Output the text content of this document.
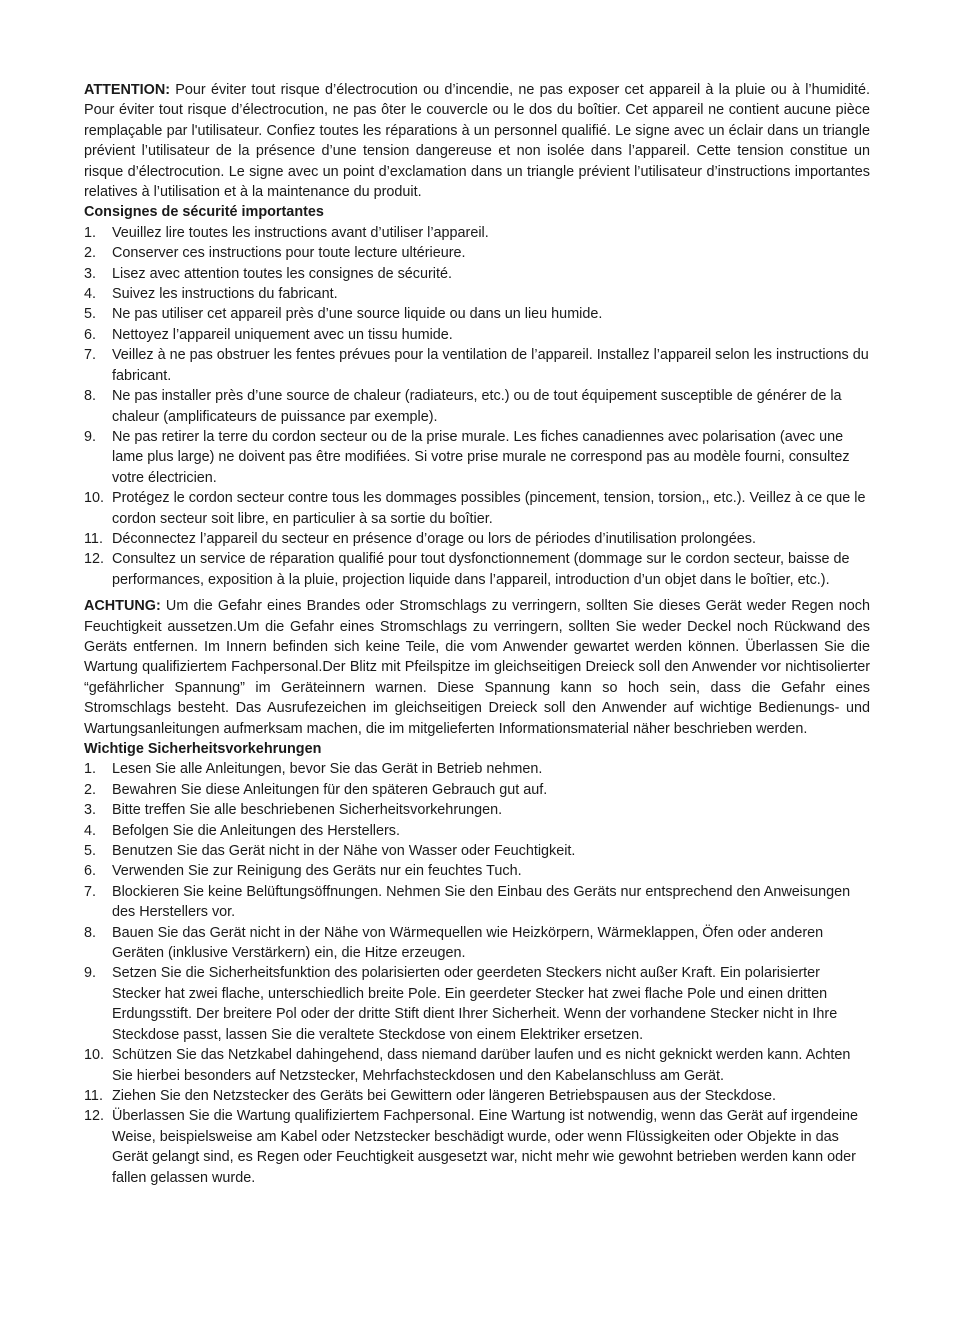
ATTENTION: Pour éviter tout risque d’électrocution ou d’incendie, ne pas exposer cet appareil à la pluie ou à l’humidité. Pour éviter tout risque d’électrocution, ne pas ôter le couvercle ou le dos du boîtier. Cet appareil ne contient aucune pièce remplaçable par l'utilisateur. Confiez toutes les réparations à un personnel qualifié. Le signe avec un éclair dans un triangle prévient l’utilisateur de la présence d’une tension dangereuse et non isolée dans l’appareil. Cette tension constitue un risque d’électrocution. Le signe avec un point d’exclamation dans un triangle prévient l’utilisateur d’instructions importantes relatives à l’utilisation et à la maintenance du produit.

Consignes de sécurité importantes

1. Veuillez lire toutes les instructions avant d’utiliser l’appareil.
2. Conserver ces instructions pour toute lecture ultérieure.
3. Lisez avec attention toutes les consignes de sécurité.
4. Suivez les instructions du fabricant.
5. Ne pas utiliser cet appareil près d’une source liquide ou dans un lieu humide.
6. Nettoyez l’appareil uniquement avec un tissu humide.
7. Veillez à ne pas obstruer les fentes prévues pour la ventilation de l’appareil. Installez l’appareil selon les instructions du fabricant.
8. Ne pas installer près d’une source de chaleur (radiateurs, etc.) ou de tout équipement susceptible de générer de la chaleur (amplificateurs de puissance par exemple).
9. Ne pas retirer la terre du cordon secteur ou de la prise murale. Les fiches canadiennes avec polarisation (avec une lame plus large) ne doivent pas être modifiées. Si votre prise murale ne correspond pas au modèle fourni, consultez votre électricien.
10. Protégez le cordon secteur contre tous les dommages possibles (pincement, tension, torsion,, etc.). Veillez à ce que le cordon secteur soit libre, en particulier à sa sortie du boîtier.
11. Déconnectez l’appareil du secteur en présence d’orage ou lors de périodes d’inutilisation prolongées.
12. Consultez un service de réparation qualifié pour tout dysfonctionnement (dommage sur le cordon secteur, baisse de performances, exposition à la pluie, projection liquide dans l’appareil, introduction d’un objet dans le boîtier, etc.).

ACHTUNG: Um die Gefahr eines Brandes oder Stromschlags zu verringern, sollten Sie dieses Gerät weder Regen noch Feuchtigkeit aussetzen.Um die Gefahr eines Stromschlags zu verringern, sollten Sie weder Deckel noch Rückwand des Geräts entfernen. Im Innern befinden sich keine Teile, die vom Anwender gewartet werden können. Überlassen Sie die Wartung qualifiziertem Fachpersonal.Der Blitz mit Pfeilspitze im gleichseitigen Dreieck soll den Anwender vor nichtisolierter “gefährlicher Spannung” im Geräteinnern warnen. Diese Spannung kann so hoch sein, dass die Gefahr eines Stromschlags besteht. Das Ausrufezeichen im gleichseitigen Dreieck soll den Anwender auf wichtige Bedienungs- und Wartungsanleitungen aufmerksam machen, die im mitgelieferten Informationsmaterial näher beschrieben werden.

Wichtige Sicherheitsvorkehrungen

1. Lesen Sie alle Anleitungen, bevor Sie das Gerät in Betrieb nehmen.
2. Bewahren Sie diese Anleitungen für den späteren Gebrauch gut auf.
3. Bitte treffen Sie alle beschriebenen Sicherheitsvorkehrungen.
4. Befolgen Sie die Anleitungen des Herstellers.
5. Benutzen Sie das Gerät nicht in der Nähe von Wasser oder Feuchtigkeit.
6. Verwenden Sie zur Reinigung des Geräts nur ein feuchtes Tuch.
7. Blockieren Sie keine Belüftungsöffnungen. Nehmen Sie den Einbau des Geräts nur entsprechend den Anweisungen des Herstellers vor.
8. Bauen Sie das Gerät nicht in der Nähe von Wärmequellen wie Heizkörpern, Wärmeklappen, Öfen oder anderen Geräten (inklusive Verstärkern) ein, die Hitze erzeugen.
9. Setzen Sie die Sicherheitsfunktion des polarisierten oder geerdeten Steckers nicht außer Kraft. Ein polarisierter Stecker hat zwei flache, unterschiedlich breite Pole. Ein geerdeter Stecker hat zwei flache Pole und einen dritten Erdungsstift. Der breitere Pol oder der dritte Stift dient Ihrer Sicherheit. Wenn der vorhandene Stecker nicht in Ihre Steckdose passt, lassen Sie die veraltete Steckdose von einem Elektriker ersetzen.
10. Schützen Sie das Netzkabel dahingehend, dass niemand darüber laufen und es nicht geknickt werden kann. Achten Sie hierbei besonders auf Netzstecker, Mehrfachsteckdosen und den Kabelanschluss am Gerät.
11. Ziehen Sie den Netzstecker des Geräts bei Gewittern oder längeren Betriebspausen aus der Steckdose.
12. Überlassen Sie die Wartung qualifiziertem Fachpersonal. Eine Wartung ist notwendig, wenn das Gerät auf irgendeine Weise, beispielsweise am Kabel oder Netzstecker beschädigt wurde, oder wenn Flüssigkeiten oder Objekte in das Gerät gelangt sind, es Regen oder Feuchtigkeit ausgesetzt war, nicht mehr wie gewohnt betrieben werden kann oder fallen gelassen wurde.
